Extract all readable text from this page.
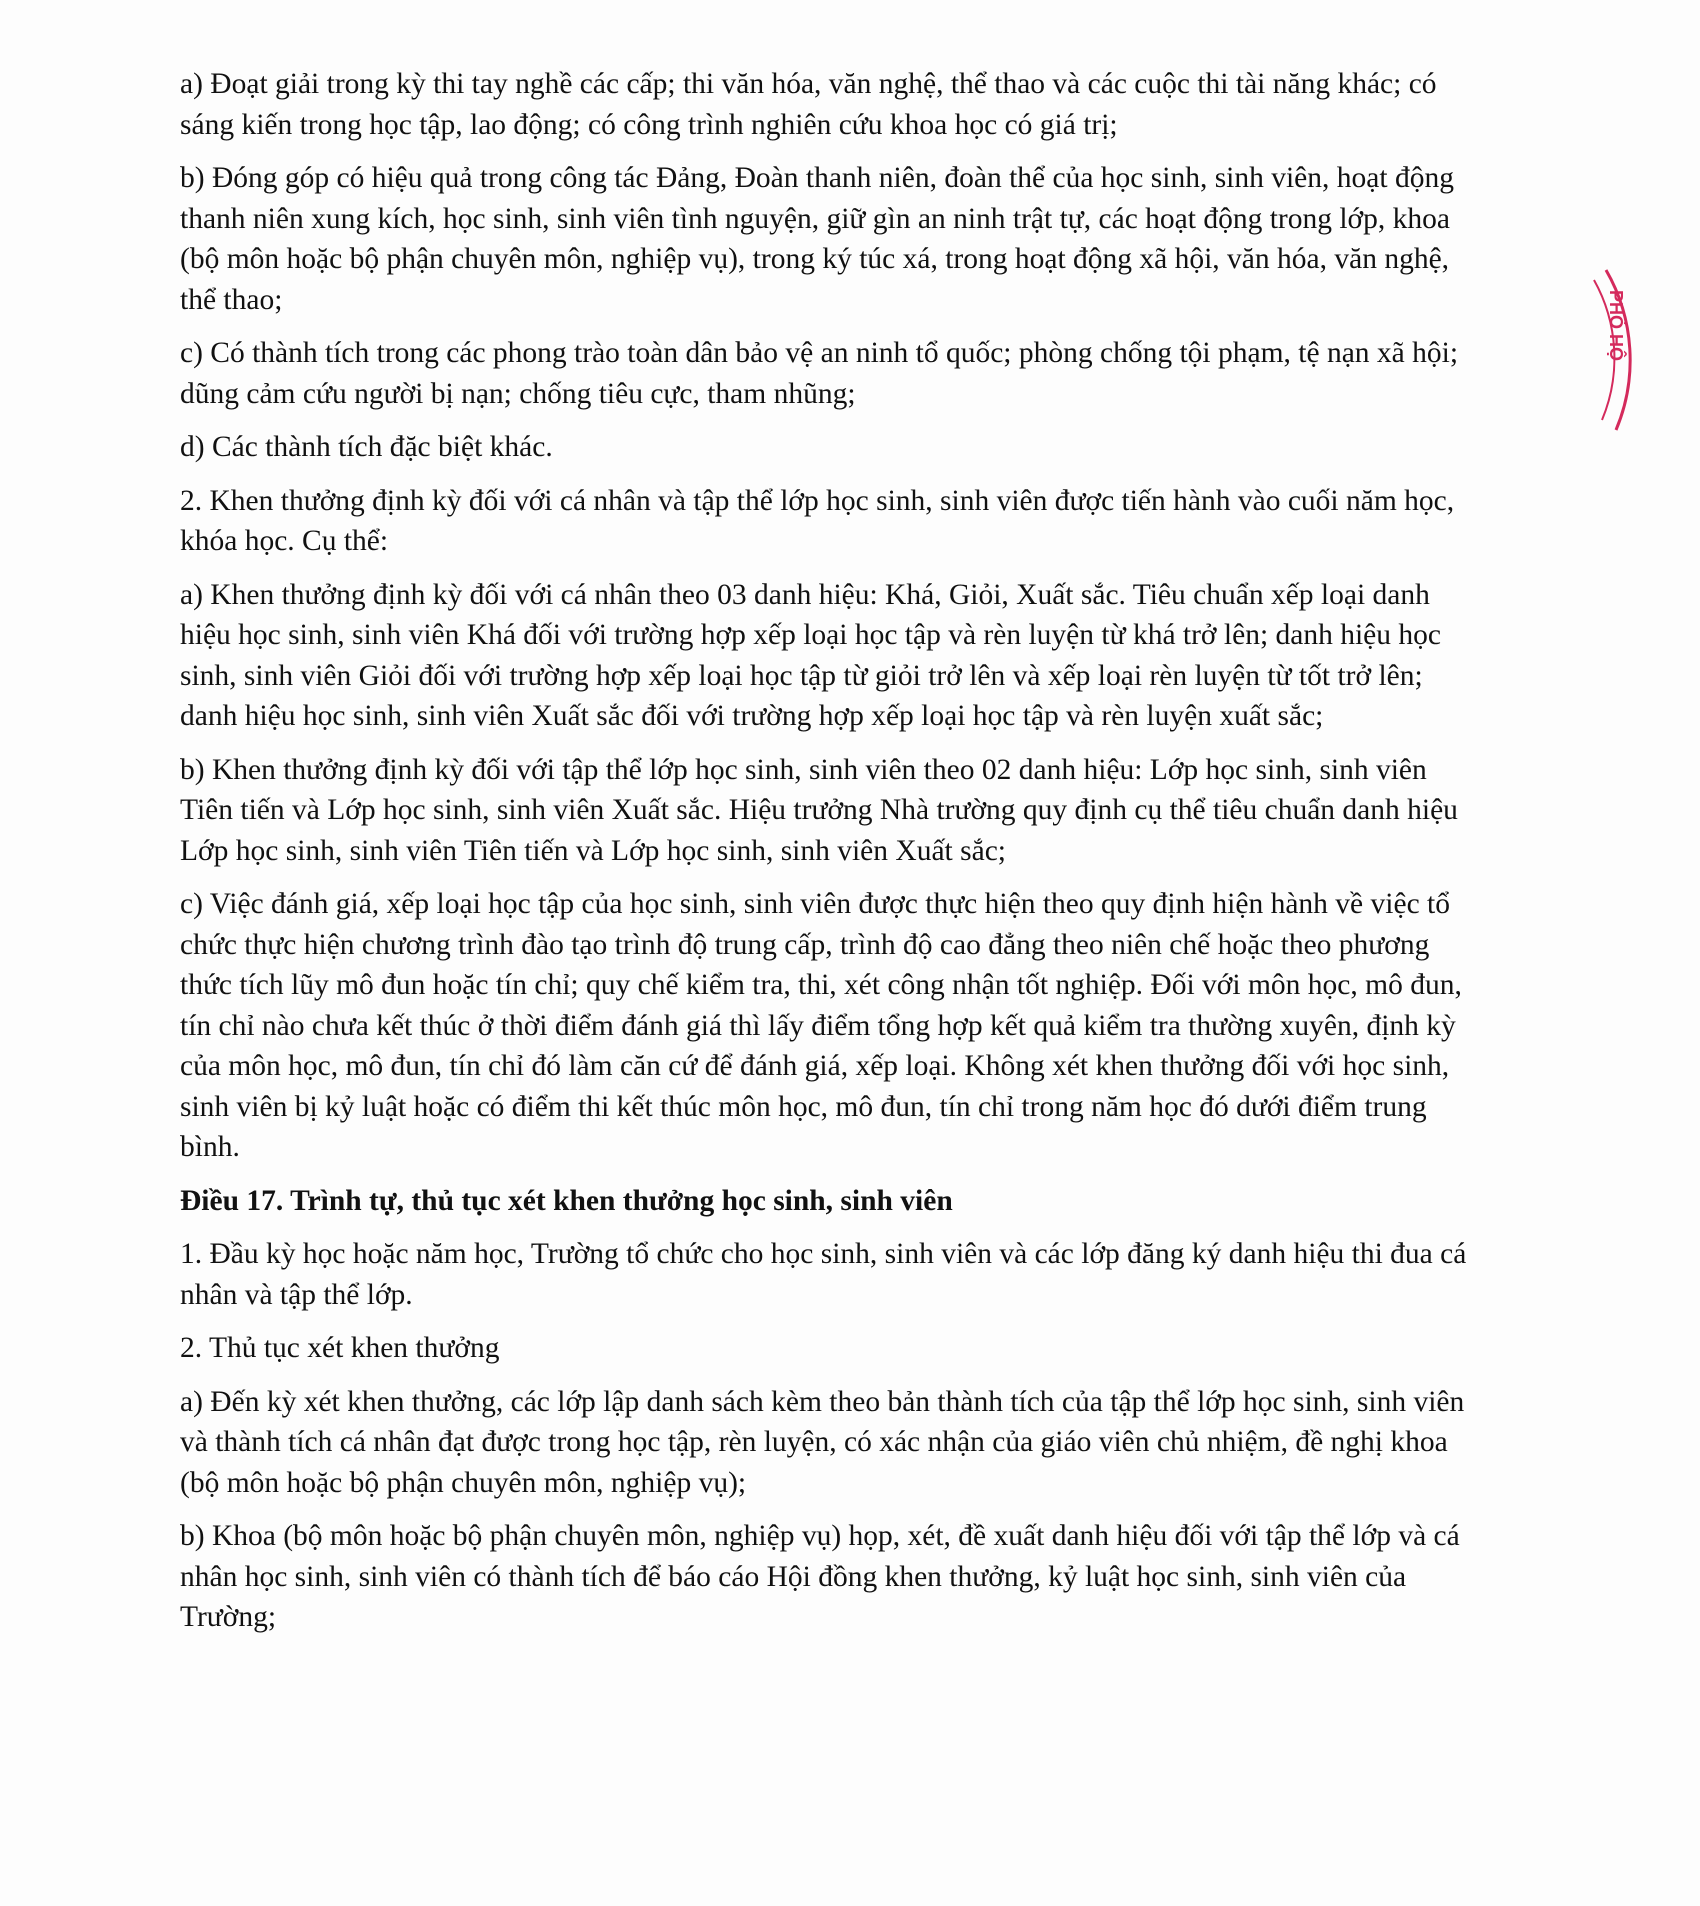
a) Đoạt giải trong kỳ thi tay nghề các cấp; thi văn hóa, văn nghệ, thể thao và các cuộc thi tài năng khác; có sáng kiến trong học tập, lao động; có công trình nghiên cứu khoa học có giá trị;

b) Đóng góp có hiệu quả trong công tác Đảng, Đoàn thanh niên, đoàn thể của học sinh, sinh viên, hoạt động thanh niên xung kích, học sinh, sinh viên tình nguyện, giữ gìn an ninh trật tự, các hoạt động trong lớp, khoa (bộ môn hoặc bộ phận chuyên môn, nghiệp vụ), trong ký túc xá, trong hoạt động xã hội, văn hóa, văn nghệ, thể thao;

c) Có thành tích trong các phong trào toàn dân bảo vệ an ninh tổ quốc; phòng chống tội phạm, tệ nạn xã hội; dũng cảm cứu người bị nạn; chống tiêu cực, tham nhũng;

d) Các thành tích đặc biệt khác.

2. Khen thưởng định kỳ đối với cá nhân và tập thể lớp học sinh, sinh viên được tiến hành vào cuối năm học, khóa học. Cụ thể:

a) Khen thưởng định kỳ đối với cá nhân theo 03 danh hiệu: Khá, Giỏi, Xuất sắc. Tiêu chuẩn xếp loại danh hiệu học sinh, sinh viên Khá đối với trường hợp xếp loại học tập và rèn luyện từ khá trở lên; danh hiệu học sinh, sinh viên Giỏi đối với trường hợp xếp loại học tập từ giỏi trở lên và xếp loại rèn luyện từ tốt trở lên; danh hiệu học sinh, sinh viên Xuất sắc đối với trường hợp xếp loại học tập và rèn luyện xuất sắc;

b) Khen thưởng định kỳ đối với tập thể lớp học sinh, sinh viên theo 02 danh hiệu: Lớp học sinh, sinh viên Tiên tiến và Lớp học sinh, sinh viên Xuất sắc. Hiệu trưởng Nhà trường quy định cụ thể tiêu chuẩn danh hiệu Lớp học sinh, sinh viên Tiên tiến và Lớp học sinh, sinh viên Xuất sắc;

c) Việc đánh giá, xếp loại học tập của học sinh, sinh viên được thực hiện theo quy định hiện hành về việc tổ chức thực hiện chương trình đào tạo trình độ trung cấp, trình độ cao đẳng theo niên chế hoặc theo phương thức tích lũy mô đun hoặc tín chỉ; quy chế kiểm tra, thi, xét công nhận tốt nghiệp. Đối với môn học, mô đun, tín chỉ nào chưa kết thúc ở thời điểm đánh giá thì lấy điểm tổng hợp kết quả kiểm tra thường xuyên, định kỳ của môn học, mô đun, tín chỉ đó làm căn cứ để đánh giá, xếp loại. Không xét khen thưởng đối với học sinh, sinh viên bị kỷ luật hoặc có điểm thi kết thúc môn học, mô đun, tín chỉ trong năm học đó dưới điểm trung bình.

Điều 17. Trình tự, thủ tục xét khen thưởng học sinh, sinh viên

1. Đầu kỳ học hoặc năm học, Trường tổ chức cho học sinh, sinh viên và các lớp đăng ký danh hiệu thi đua cá nhân và tập thể lớp.

2. Thủ tục xét khen thưởng

a) Đến kỳ xét khen thưởng, các lớp lập danh sách kèm theo bản thành tích của tập thể lớp học sinh, sinh viên và thành tích cá nhân đạt được trong học tập, rèn luyện, có xác nhận của giáo viên chủ nhiệm, đề nghị khoa (bộ môn hoặc bộ phận chuyên môn, nghiệp vụ);

b) Khoa (bộ môn hoặc bộ phận chuyên môn, nghiệp vụ) họp, xét, đề xuất danh hiệu đối với tập thể lớp và cá nhân học sinh, sinh viên có thành tích để báo cáo Hội đồng khen thưởng, kỷ luật học sinh, sinh viên của Trường;

PHÒ HỘ
